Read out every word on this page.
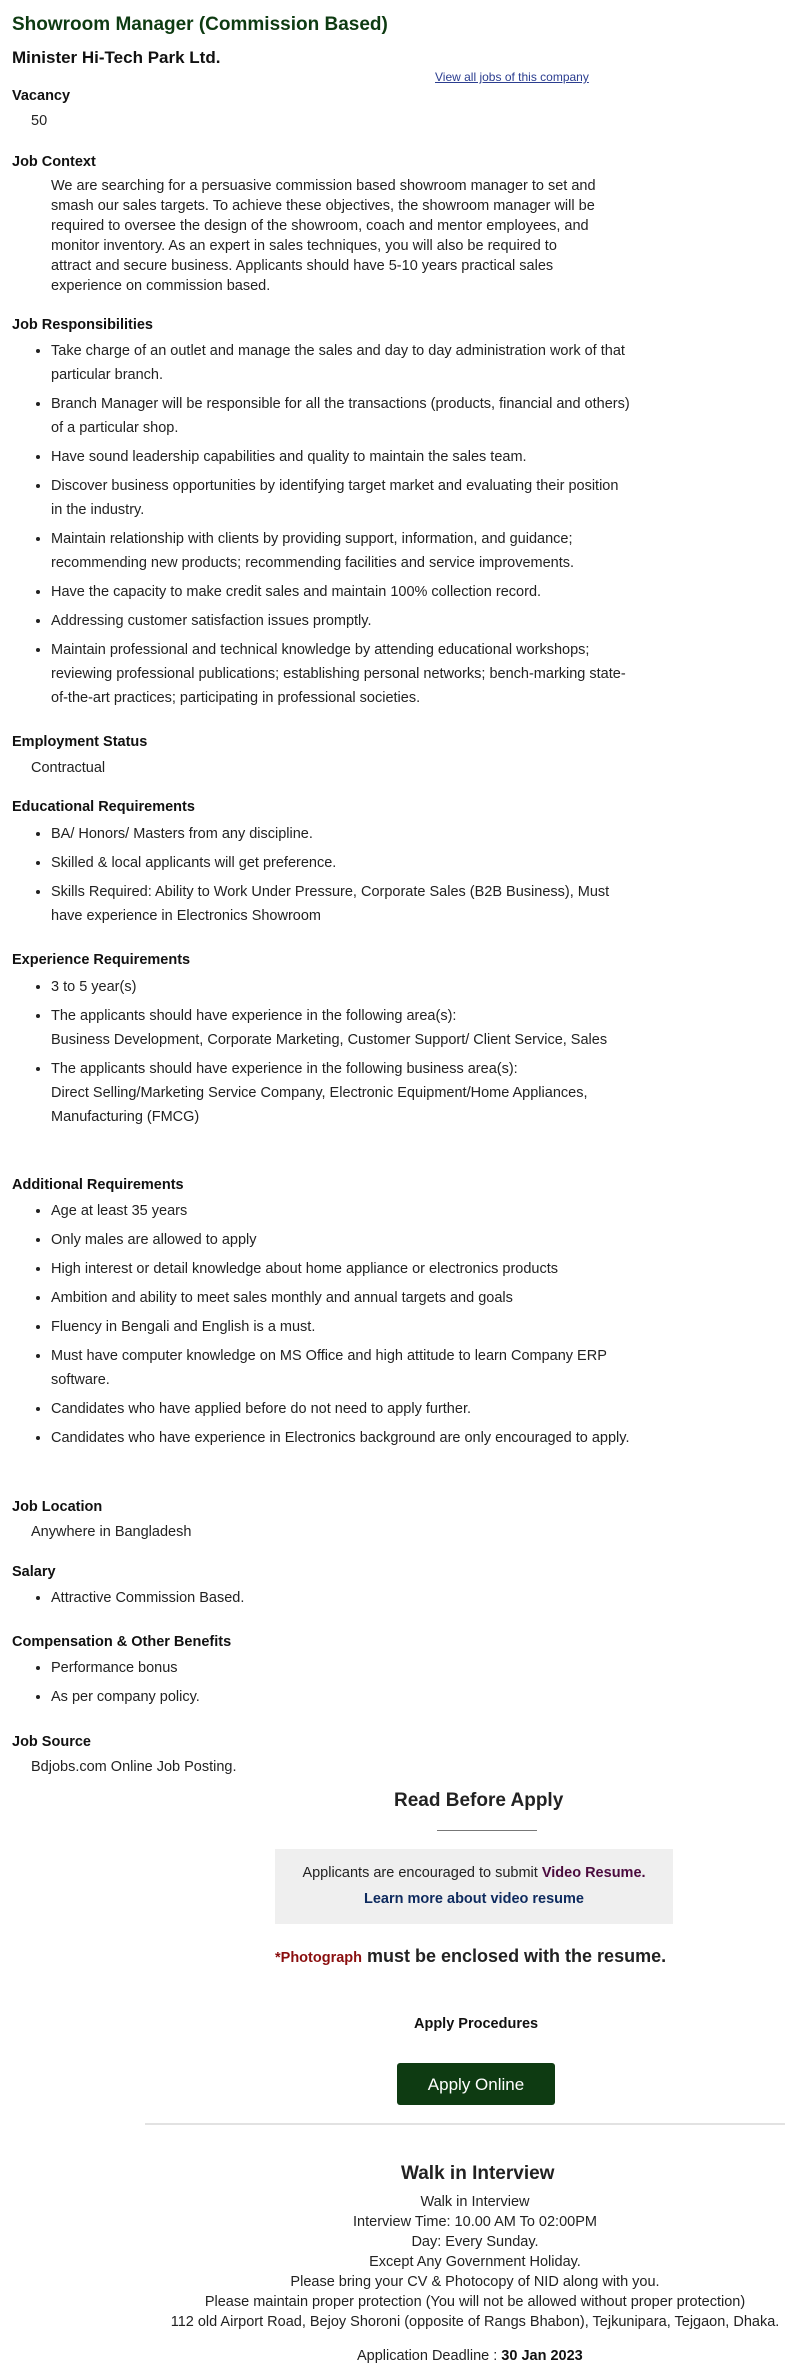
Showroom Manager (Commission Based)
Minister Hi-Tech Park Ltd.
View all jobs of this company
Vacancy
50
Job Context
We are searching for a persuasive commission based showroom manager to set and smash our sales targets. To achieve these objectives, the showroom manager will be required to oversee the design of the showroom, coach and mentor employees, and monitor inventory. As an expert in sales techniques, you will also be required to attract and secure business. Applicants should have 5-10 years practical sales experience on commission based.
Job Responsibilities
• Take charge of an outlet and manage the sales and day to day administration work of that particular branch.
• Branch Manager will be responsible for all the transactions (products, financial and others) of a particular shop.
• Have sound leadership capabilities and quality to maintain the sales team.
• Discover business opportunities by identifying target market and evaluating their position in the industry.
• Maintain relationship with clients by providing support, information, and guidance; recommending new products; recommending facilities and service improvements.
• Have the capacity to make credit sales and maintain 100% collection record.
• Addressing customer satisfaction issues promptly.
• Maintain professional and technical knowledge by attending educational workshops; reviewing professional publications; establishing personal networks; bench-marking state-of-the-art practices; participating in professional societies.
Employment Status
Contractual
Educational Requirements
• BA/ Honors/ Masters from any discipline.
• Skilled & local applicants will get preference.
• Skills Required: Ability to Work Under Pressure, Corporate Sales (B2B Business), Must have experience in Electronics Showroom
Experience Requirements
• 3 to 5 year(s)
• The applicants should have experience in the following area(s):
Business Development, Corporate Marketing, Customer Support/ Client Service, Sales
• The applicants should have experience in the following business area(s):
Direct Selling/Marketing Service Company, Electronic Equipment/Home Appliances, Manufacturing (FMCG)
Additional Requirements
• Age at least 35 years
• Only males are allowed to apply
• High interest or detail knowledge about home appliance or electronics products
• Ambition and ability to meet sales monthly and annual targets and goals
• Fluency in Bengali and English is a must.
• Must have computer knowledge on MS Office and high attitude to learn Company ERP software.
• Candidates who have applied before do not need to apply further.
• Candidates who have experience in Electronics background are only encouraged to apply.
Job Location
Anywhere in Bangladesh
Salary
• Attractive Commission Based.
Compensation & Other Benefits
• Performance bonus
• As per company policy.
Job Source
Bdjobs.com Online Job Posting.
Read Before Apply
Applicants are encouraged to submit Video Resume.
Learn more about video resume
*Photograph must be enclosed with the resume.
Apply Procedures
Apply Online
Walk in Interview
Walk in Interview
Interview Time: 10.00 AM To 02:00PM
Day: Every Sunday.
Except Any Government Holiday.
Please bring your CV & Photocopy of NID along with you.
Please maintain proper protection (You will not be allowed without proper protection)
112 old Airport Road, Bejoy Shoroni (opposite of Rangs Bhabon), Tejkunipara, Tejgaon, Dhaka.
Application Deadline : 30 Jan 2023
